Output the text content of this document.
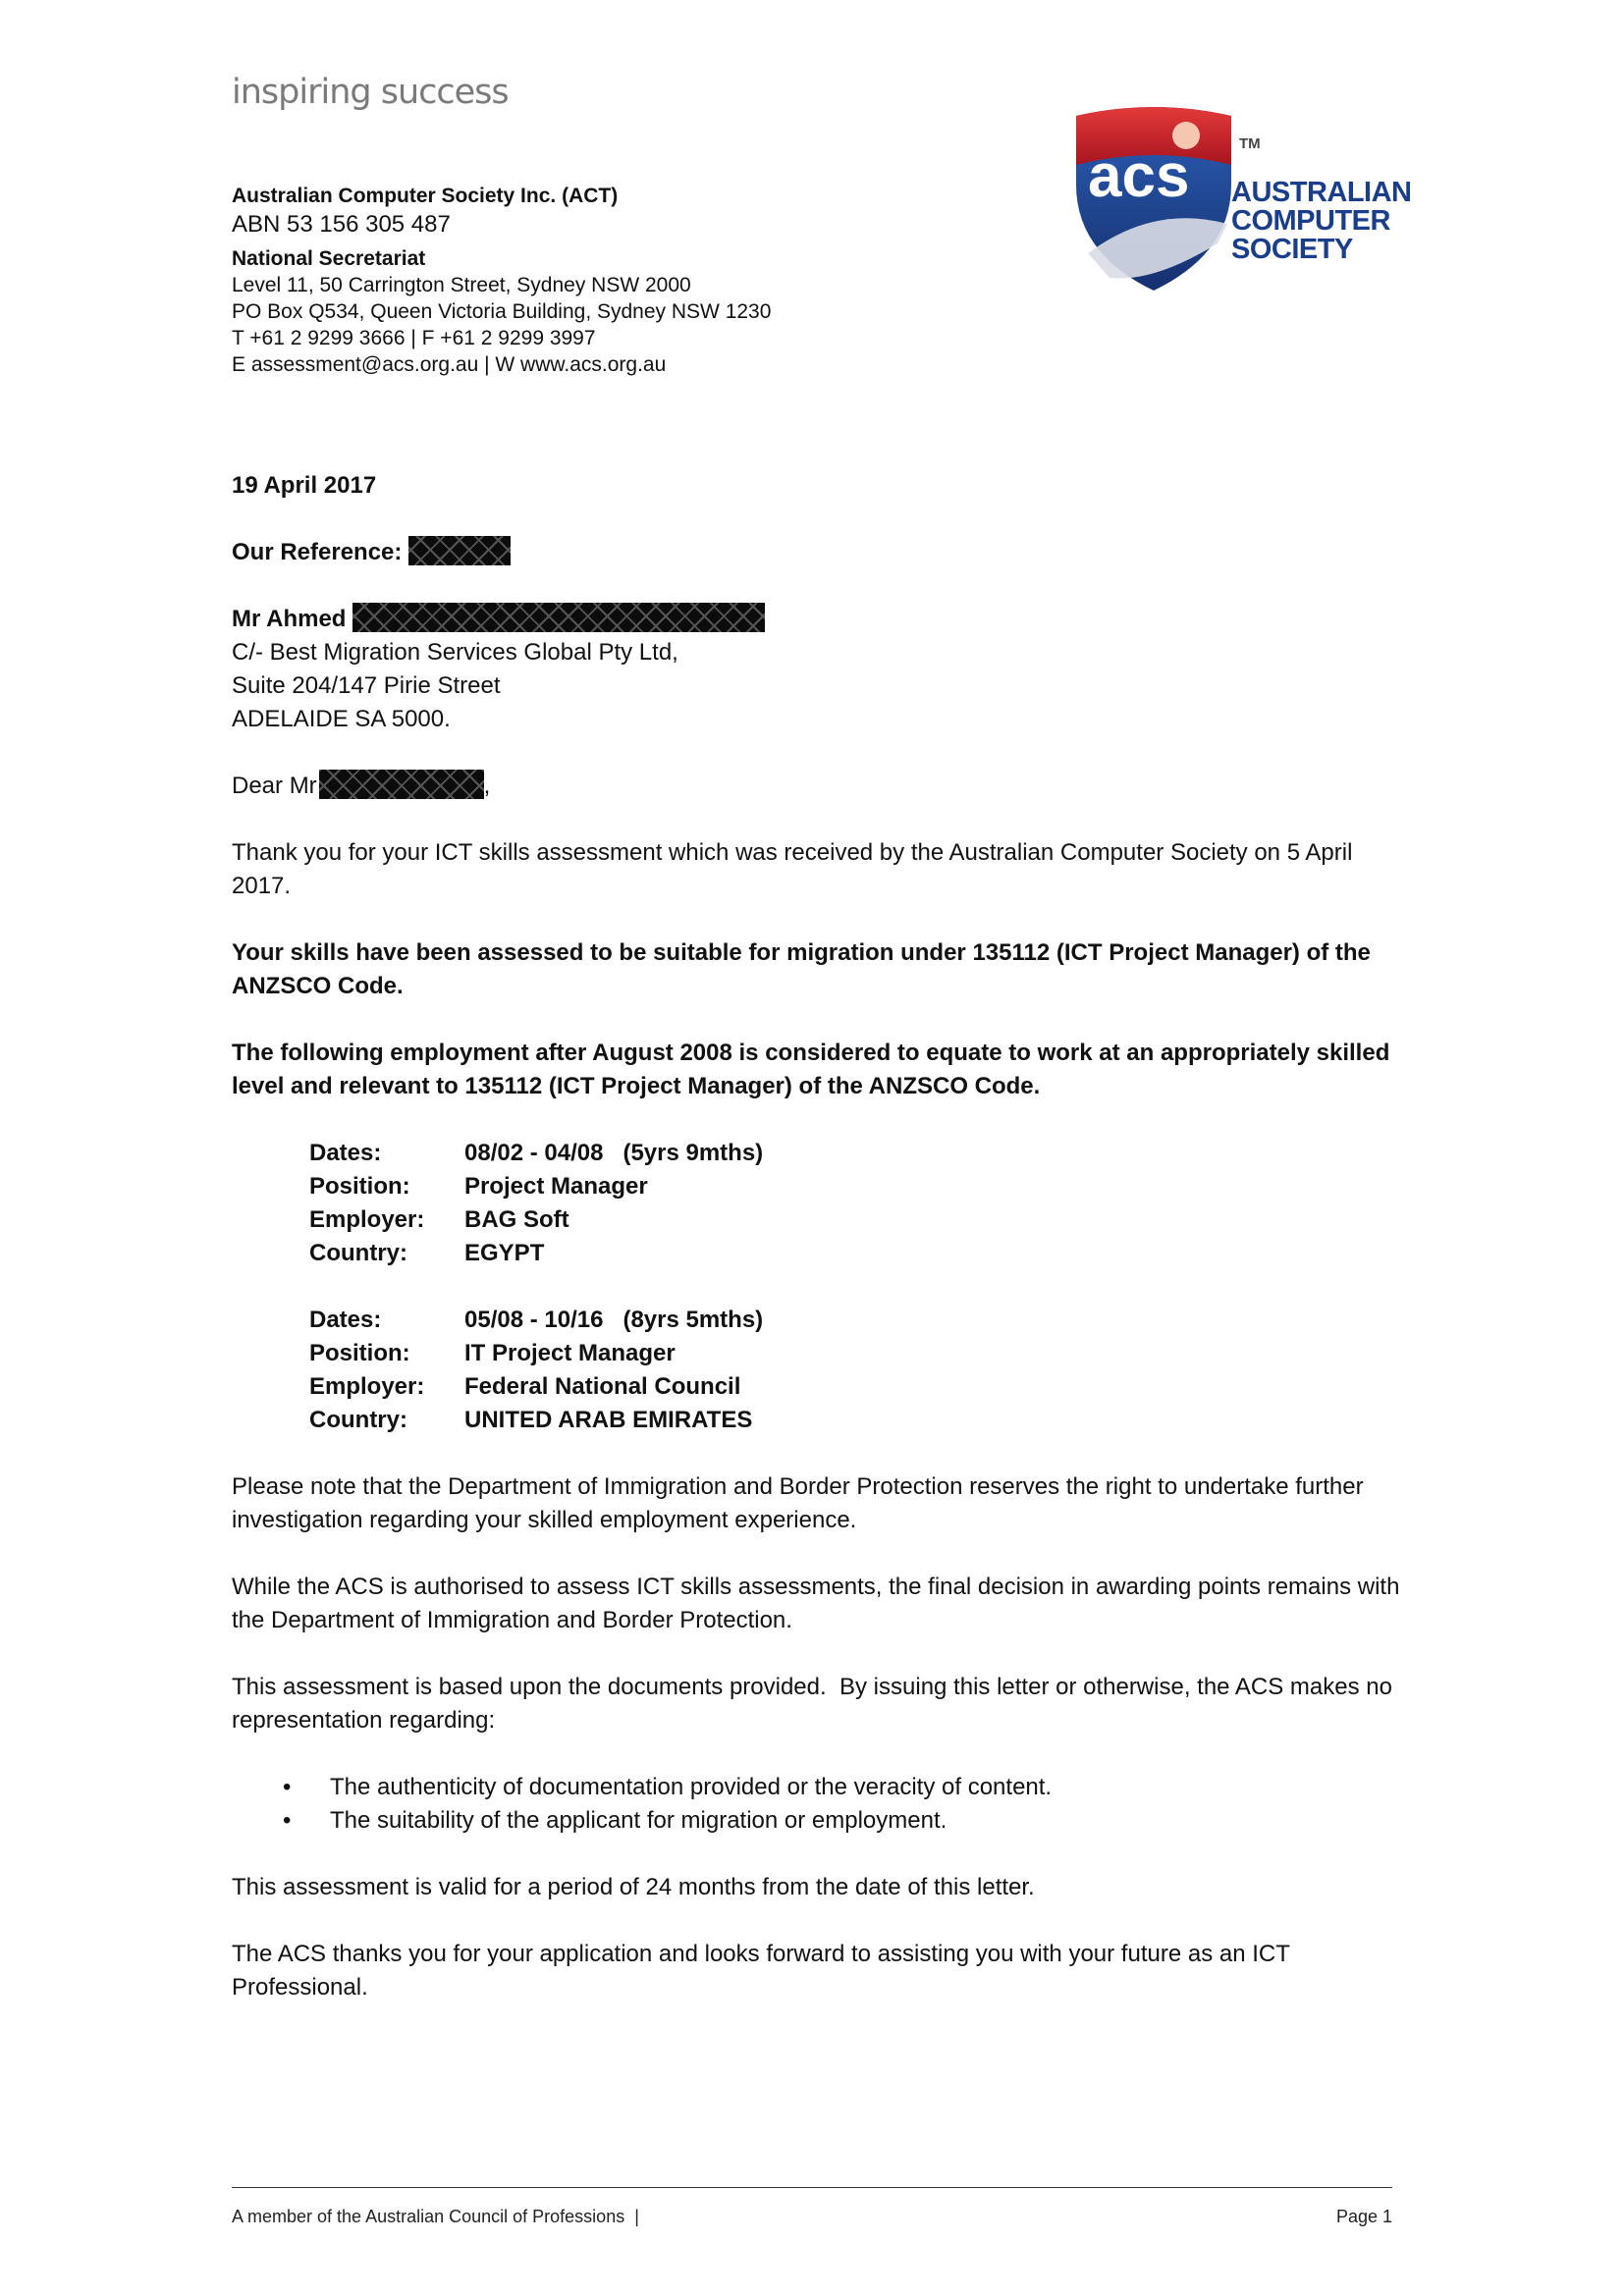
inspiring success
acs	TM
AUSTRALIAN
COMPUTER
SOCIETY
Australian Computer Society Inc. (ACT)
ABN 53 156 305 487
National Secretariat
Level 11, 50 Carrington Street, Sydney NSW 2000
PO Box Q534, Queen Victoria Building, Sydney NSW 1230
T +61 2 9299 3666 | F +61 2 9299 3997
E assessment@acs.org.au | W www.acs.org.au
19 April 2017
Our Reference:
Mr Ahmed
C/- Best Migration Services Global Pty Ltd,
Suite 204/147 Pirie Street
ADELAIDE SA 5000.
Dear Mr	,
Thank you for your ICT skills assessment which was received by the Australian Computer Society on 5 April 2017.
Your skills have been assessed to be suitable for migration under 135112 (ICT Project Manager) of the ANZSCO Code.
The following employment after August 2008 is considered to equate to work at an appropriately skilled level and relevant to 135112 (ICT Project Manager) of the ANZSCO Code.
Dates:	08/02 - 04/08   (5yrs 9mths)
Position:	Project Manager
Employer:	BAG Soft
Country:	EGYPT
Dates:	05/08 - 10/16   (8yrs 5mths)
Position:	IT Project Manager
Employer:	Federal National Council
Country:	UNITED ARAB EMIRATES
Please note that the Department of Immigration and Border Protection reserves the right to undertake further investigation regarding your skilled employment experience.
While the ACS is authorised to assess ICT skills assessments, the final decision in awarding points remains with the Department of Immigration and Border Protection.
This assessment is based upon the documents provided.  By issuing this letter or otherwise, the ACS makes no representation regarding:
• The authenticity of documentation provided or the veracity of content.
• The suitability of the applicant for migration or employment.
This assessment is valid for a period of 24 months from the date of this letter.
The ACS thanks you for your application and looks forward to assisting you with your future as an ICT Professional.
A member of the Australian Council of Professions  |	Page 1
